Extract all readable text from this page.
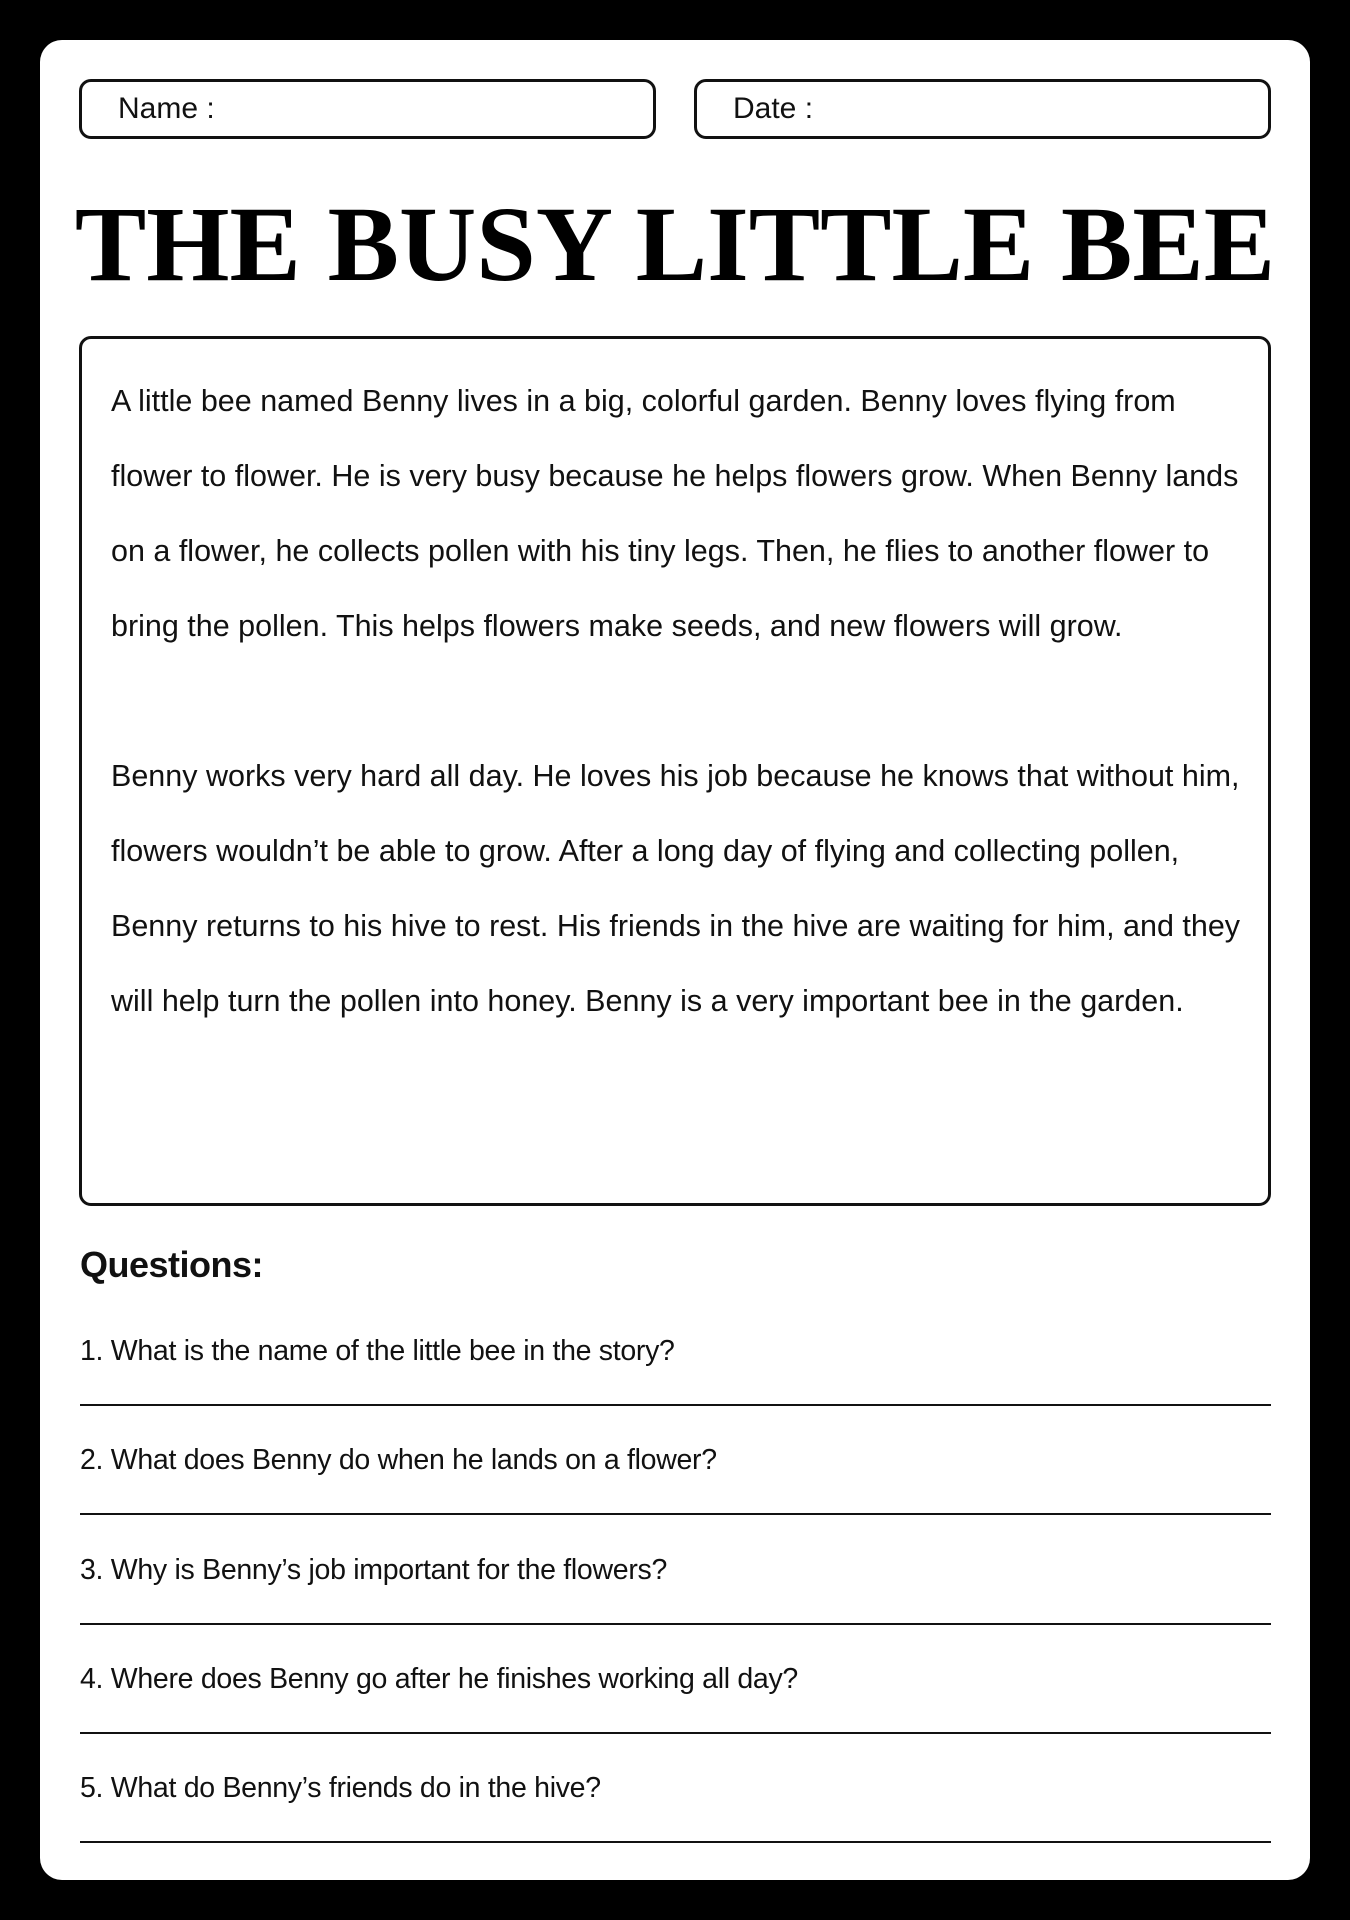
Name :	Date :
THE BUSY LITTLE BEE

A little bee named Benny lives in a big, colorful garden. Benny loves flying from flower to flower. He is very busy because he helps flowers grow. When Benny lands on a flower, he collects pollen with his tiny legs. Then, he flies to another flower to bring the pollen. This helps flowers make seeds, and new flowers will grow.

Benny works very hard all day. He loves his job because he knows that without him, flowers wouldn’t be able to grow. After a long day of flying and collecting pollen, Benny returns to his hive to rest. His friends in the hive are waiting for him, and they will help turn the pollen into honey. Benny is a very important bee in the garden.

Questions:
1. What is the name of the little bee in the story?
2. What does Benny do when he lands on a flower?
3. Why is Benny’s job important for the flowers?
4. Where does Benny go after he finishes working all day?
5. What do Benny’s friends do in the hive?
